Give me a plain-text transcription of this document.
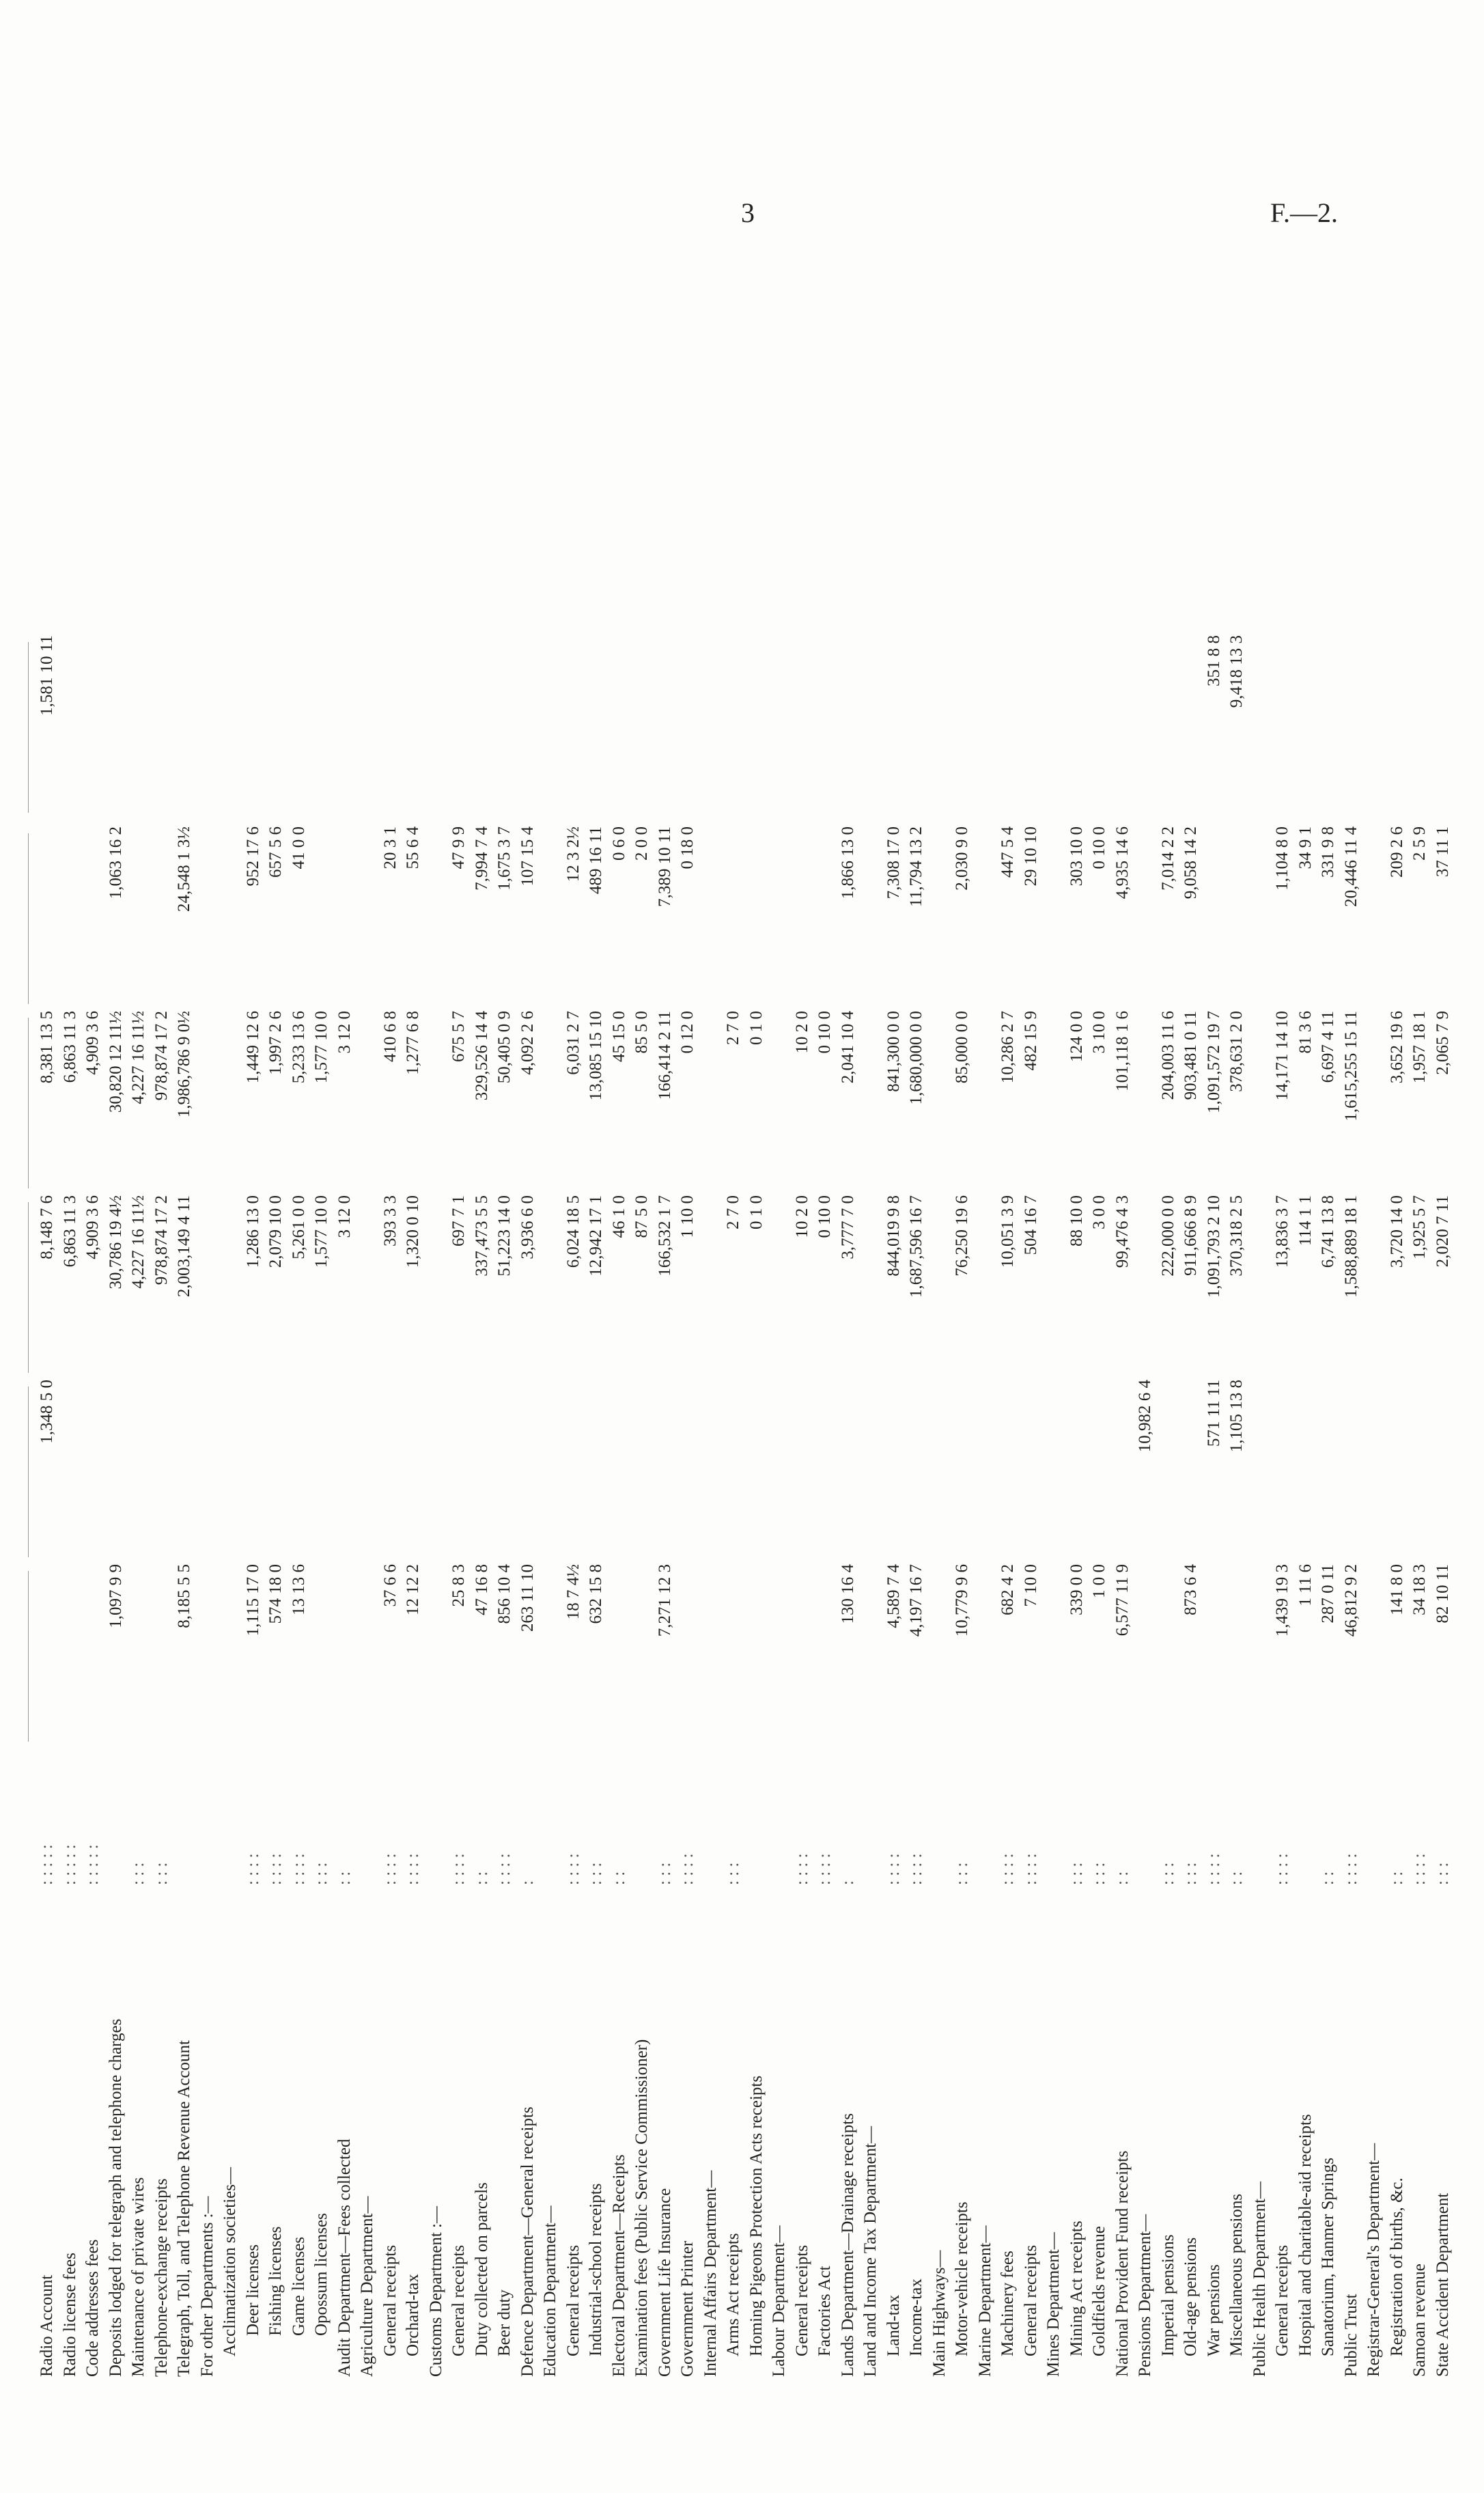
3	F.—2.
Radio Account
: : : : :
1,348 5 0
8,148 7 6
8,381 13 5
1,581 10 11
Radio license fees
: : : : :
6,863 11 3
6,863 11 3
Code addresses fees
: : : : :
4,909 3 6
4,909 3 6
Deposits lodged for telegraph and telephone charges
1,097 9 9
30,786 19 4½
30,820 12 11½
1,063 16 2
Maintenance of private wires
: : :
4,227 16 11½
4,227 16 11½
Telephone-exchange receipts
: : :
978,874 17 2
978,874 17 2
Telegraph, Toll, and Telephone Revenue Account
8,185 5 5
2,003,149 4 11
1,986,786 9 0½
24,548 1 3½
For other Departments :— Acclimatization societies— Deer licenses
: : : :
1,115 17 0
1,286 13 0
1,449 12 6
952 17 6
Fishing licenses
: : : :
574 18 0
2,079 10 0
1,997 2 6
657 5 6
Game licenses
: : : :
13 13 6
5,261 0 0
5,233 13 6
41 0 0
Opossum licenses
: : :
1,577 10 0
1,577 10 0
Audit Department—Fees collected
: :
3 12 0
3 12 0
Agriculture Department— General receipts
: : : :
37 6 6
393 3 3
410 6 8
20 3 1
Orchard-tax
: : : :
12 12 2
1,320 0 10
1,277 6 8
55 6 4
Customs Department :— General receipts
: : : :
25 8 3
697 7 1
675 5 7
47 9 9
Duty collected on parcels
: :
47 16 8
337,473 5 5
329,526 14 4
7,994 7 4
Beer duty
: : : :
856 10 4
51,223 14 0
50,405 0 9
1,675 3 7
Defence Department—General receipts
:
263 11 10
3,936 6 0
4,092 2 6
107 15 4
Education Department— General receipts
: : : :
18 7 4½
6,024 18 5
6,031 2 7
12 3 2½
Industrial-school receipts
: : :
632 15 8
12,942 17 1
13,085 15 10
489 16 11
Electoral Department—Receipts
: :
46 1 0
45 15 0
0 6 0
Examination fees (Public Service Commissioner)
87 5 0
85 5 0
2 0 0
Government Life Insurance
: : :
7,271 12 3
166,532 1 7
166,414 2 11
7,389 10 11
Government Printer
: : : :
1 10 0
0 12 0
0 18 0
Internal Affairs Department— Arms Act receipts
: : :
2 7 0
2 7 0
Homing Pigeons Protection Acts receipts
0 1 0
0 1 0
Labour Department— General receipts
: : : :
10 2 0
10 2 0
Factories Act
: : : :
0 10 0
0 10 0
Lands Department—Drainage receipts
:
130 16 4
3,777 7 0
2,041 10 4
1,866 13 0
Land and Income Tax Department— Land-tax
: : : :
4,589 7 4
844,019 9 8
841,300 0 0
7,308 17 0
Income-tax
: : : :
4,197 16 7
1,687,596 16 7
1,680,000 0 0
11,794 13 2
Main Highways— Motor-vehicle receipts
: : :
10,779 9 6
76,250 19 6
85,000 0 0
2,030 9 0
Marine Department— Machinery fees
: : : :
682 4 2
10,051 3 9
10,286 2 7
447 5 4
General receipts
: : : :
7 10 0
504 16 7
482 15 9
29 10 10
Mines Department— Mining Act receipts
: : :
339 0 0
88 10 0
124 0 0
303 10 0
Goldfields revenue
: : :
1 0 0
3 0 0
3 10 0
0 10 0
National Provident Fund receipts
: :
6,577 11 9
99,476 4 3
101,118 1 6
4,935 14 6
Pensions Department—
10,982 6 4
Imperial pensions
: : :
222,000 0 0
204,003 11 6
7,014 2 2
Old-age pensions
: : :
873 6 4
911,666 8 9
903,481 0 11
9,058 14 2
War pensions
: : : :
571 11 11
1,091,793 2 10
1,091,572 19 7
351 8 8
Miscellaneous pensions
: :
1,105 13 8
370,318 2 5
378,631 2 0
9,418 13 3
Public Health Department— General receipts
: : : :
1,439 19 3
13,836 3 7
14,171 14 10
1,104 8 0
Hospital and charitable-aid receipts
1 11 6
114 1 1
81 3 6
34 9 1
Sanatorium, Hanmer Springs
: :
287 0 11
6,741 13 8
6,697 4 11
331 9 8
Public Trust
: : : :
46,812 9 2
1,588,889 18 1
1,615,255 15 11
20,446 11 4
Registrar-General's Department— Registration of births, &c.
: :
141 8 0
3,720 14 0
3,652 19 6
209 2 6
Samoan revenue
: : : :
34 18 3
1,925 5 7
1,957 18 1
2 5 9
State Accident Department
: : :
82 10 11
2,020 7 11
2,065 7 9
37 11 1
